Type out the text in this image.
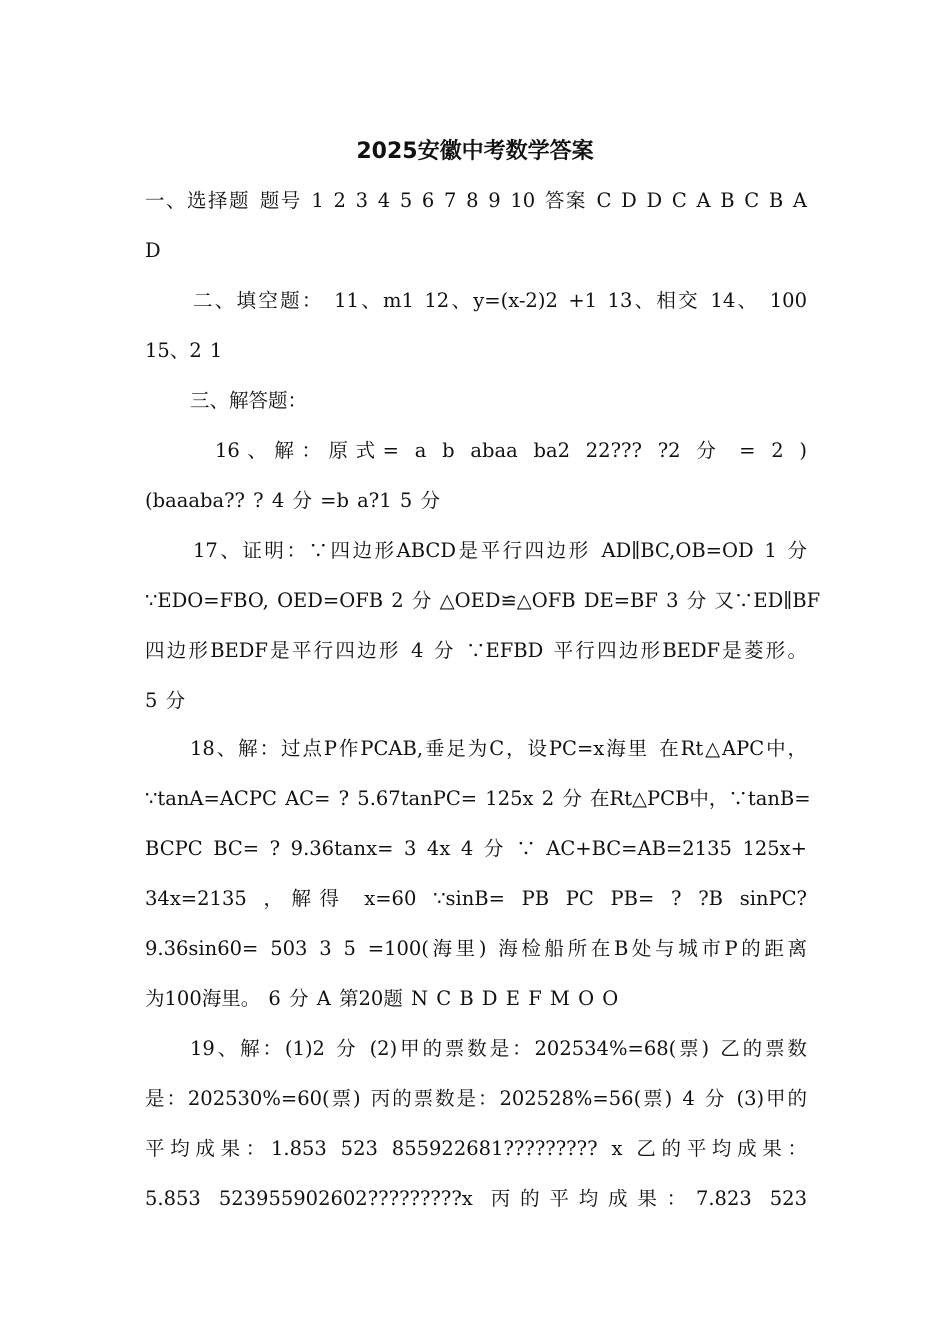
2025安徽中考数学答案
一、选择题 题号 1 2 3 4 5 6 7 8 9 10 答案 C D D C A B C B A
D
二、填空题： 11、m1 12、y=(x-2)2 +1 13、相交 14、 100
15、2 1
三、解答题：
16、解：原式= a b abaa ba2 22??? ?2 分 = 2 )
(baaaba?? ? 4 分 =b a?1 5 分
17、证明：∵四边形ABCD是平行四边形 AD∥BC,OB=OD 1 分
∵EDO=FBO, OED=OFB 2 分 △OED≌△OFB DE=BF 3 分 又∵ED∥BF
四边形BEDF是平行四边形 4 分 ∵EFBD 平行四边形BEDF是菱形。
5 分
18、解：过点P作PCAB,垂足为C，设PC=x海里 在Rt△APC中，
∵tanA=ACPC AC= ? 5.67tanPC= 125x 2 分 在Rt△PCB中，∵tanB=
BCPC BC= ? 9.36tanx= 3 4x 4 分 ∵ AC+BC=AB=2135 125x+
34x=2135 ，解得 x=60 ∵sinB= PB PC PB= ? ?B sinPC?
9.36sin60= 503 3 5 =100(海里) 海检船所在B处与城市P的距离
为100海里。 6 分 A 第20题 N C B D E F M O O
19、解：(1)2 分 (2)甲的票数是：202534%=68(票) 乙的票数
是：202530%=60(票) 丙的票数是：202528%=56(票) 4 分 (3)甲的
平均成果：1.853 523 855922681????????? x 乙的平均成果：
5.853 523955902602?????????x 丙的平均成果：7.823 523
